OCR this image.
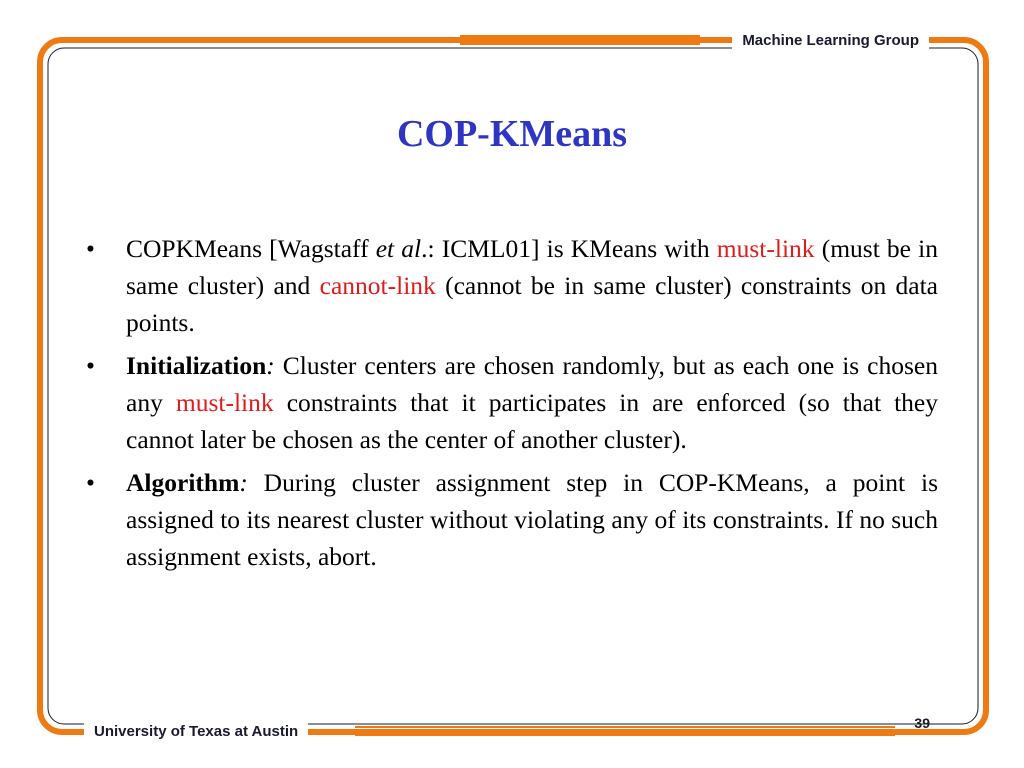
Machine Learning Group
University of Texas at Austin	39
COP-KMeans
• COPKMeans [Wagstaff et al.: ICML01] is KMeans with must-link (must be in same cluster) and cannot-link (cannot be in same cluster) constraints on data points.
• Initialization: Cluster centers are chosen randomly, but as each one is chosen any must-link constraints that it participates in are enforced (so that they cannot later be chosen as the center of another cluster).
• Algorithm: During cluster assignment step in COP-KMeans, a point is assigned to its nearest cluster without violating any of its constraints. If no such assignment exists, abort.
